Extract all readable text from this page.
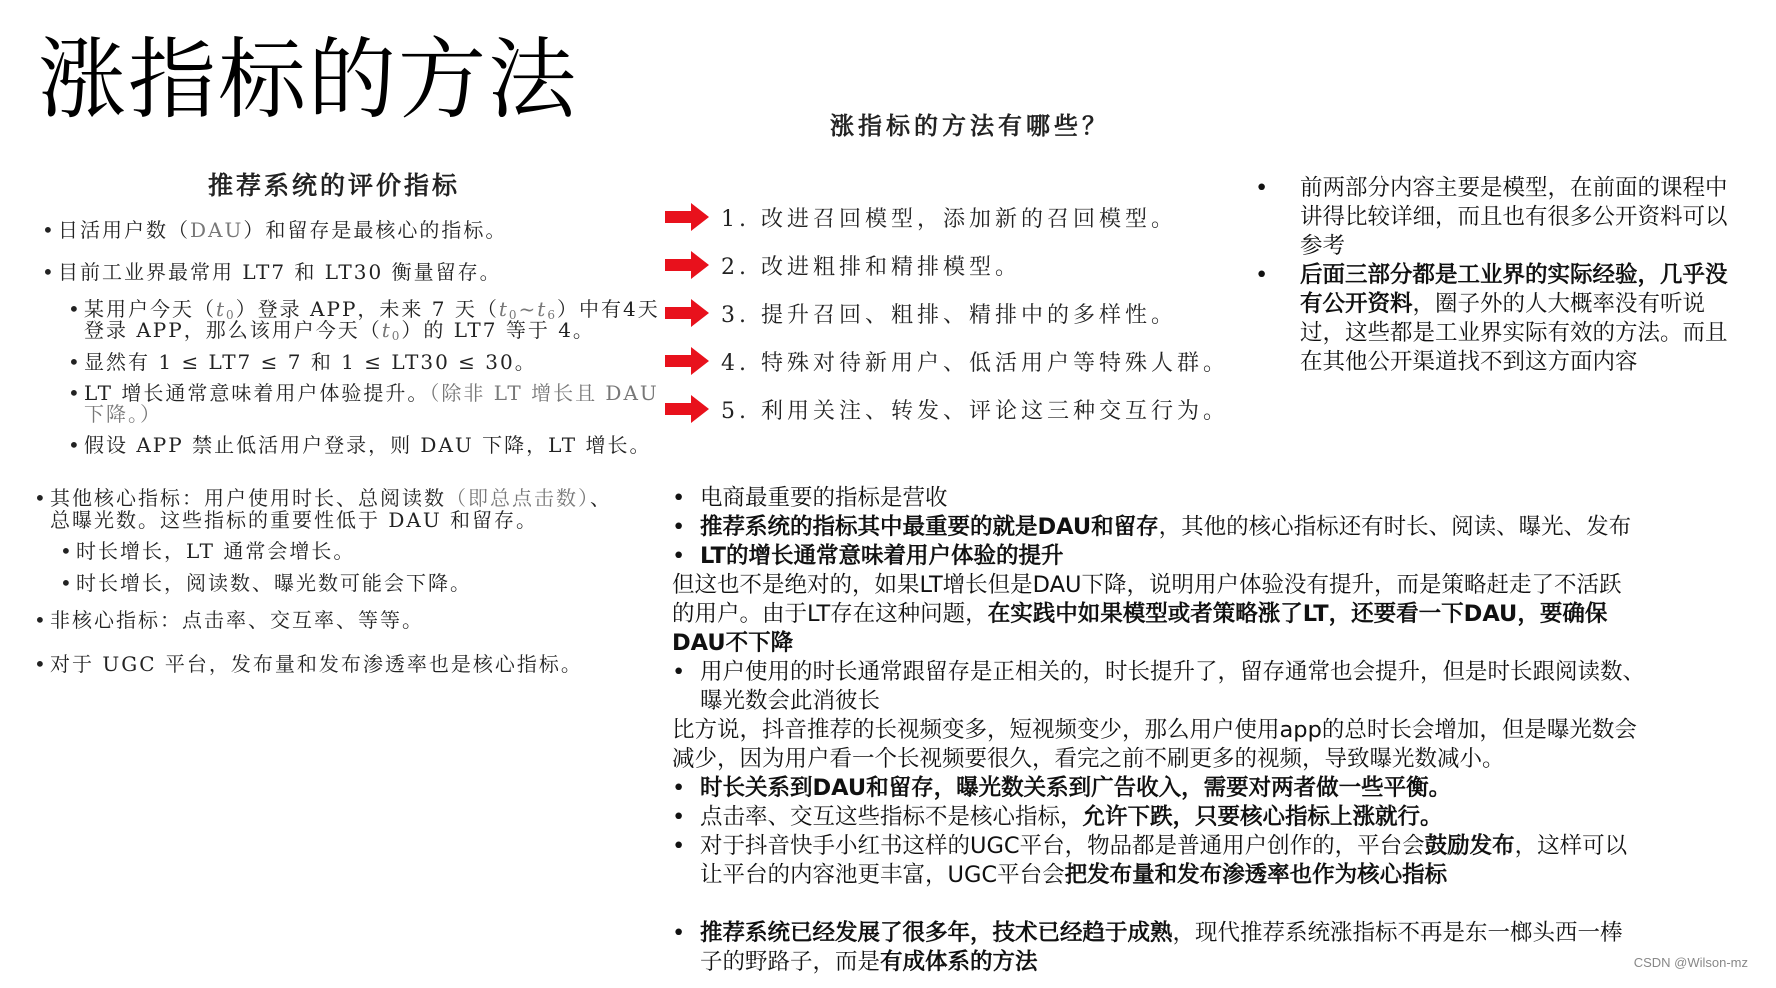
涨指标的方法
推荐系统的评价指标
• 日活用户数（DAU）和留存是最核心的指标。
• 目前工业界最常用 LT7 和 LT30 衡量留存。
• 某用户今天$(t_0)$登录 APP，未来 7 天$(t_0\sim t_6)$中有4天
登录 APP，那么该用户今天$(t_0)$的 LT7 等于 4。
• 显然有 1 ≤ LT7 ≤ 7 和 1 ≤ LT30 ≤ 30。
• LT 增长通常意味着用户体验提升。（除非 LT 增长且 DAU
下降。）
• 假设 APP 禁止低活用户登录，则 DAU 下降，LT 增长。
• 其他核心指标：用户使用时长、总阅读数（即总点击数）、
总曝光数。这些指标的重要性低于 DAU 和留存。
• 时长增长，LT 通常会增长。
• 时长增长，阅读数、曝光数可能会下降。
• 非核心指标：点击率、交互率、等等。
• 对于 UGC 平台，发布量和发布渗透率也是核心指标。
涨指标的方法有哪些？
1. 改进召回模型，添加新的召回模型。
2. 改进粗排和精排模型。
3. 提升召回、粗排、精排中的多样性。
4. 特殊对待新用户、低活用户等特殊人群。
5. 利用关注、转发、评论这三种交互行为。
• 前两部分内容主要是模型，在前面的课程中讲得比较详细，而且也有很多公开资料可以参考
• 后面三部分都是工业界的实际经验，几乎没有公开资料，圈子外的人大概率没有听说过，这些都是工业界实际有效的方法。而且在其他公开渠道找不到这方面内容
• 电商最重要的指标是营收
• 推荐系统的指标其中最重要的就是DAU和留存，其他的核心指标还有时长、阅读、曝光、发布
• LT的增长通常意味着用户体验的提升
但这也不是绝对的，如果LT增长但是DAU下降，说明用户体验没有提升，而是策略赶走了不活跃
的用户。由于LT存在这种问题，在实践中如果模型或者策略涨了LT，还要看一下DAU，要确保
DAU不下降
• 用户使用的时长通常跟留存是正相关的，时长提升了，留存通常也会提升，但是时长跟阅读数、
曝光数会此消彼长
比方说，抖音推荐的长视频变多，短视频变少，那么用户使用app的总时长会增加，但是曝光数会
减少，因为用户看一个长视频要很久，看完之前不刷更多的视频，导致曝光数减小。
• 时长关系到DAU和留存，曝光数关系到广告收入，需要对两者做一些平衡。
• 点击率、交互这些指标不是核心指标，允许下跌，只要核心指标上涨就行。
• 对于抖音快手小红书这样的UGC平台，物品都是普通用户创作的，平台会鼓励发布，这样可以
让平台的内容池更丰富，UGC平台会把发布量和发布渗透率也作为核心指标
• 推荐系统已经发展了很多年，技术已经趋于成熟，现代推荐系统涨指标不再是东一榔头西一棒
子的野路子，而是有成体系的方法	CSDN @Wilson-mz
